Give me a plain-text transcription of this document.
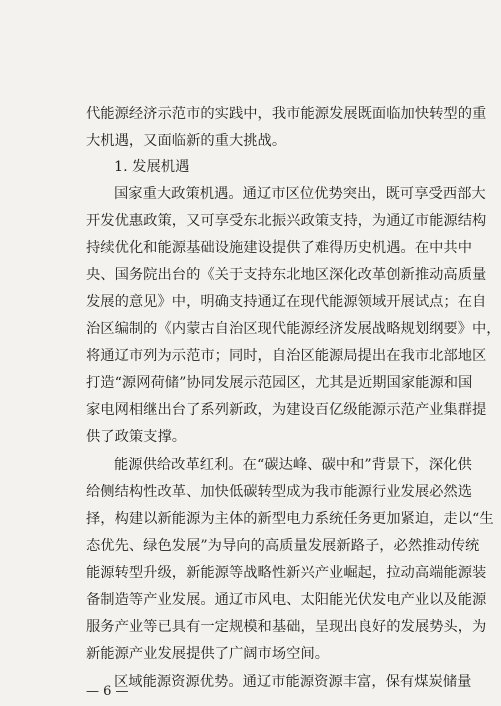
代能源经济示范市的实践中，我市能源发展既面临加快转型的重
大机遇，又面临新的重大挑战。
1. 发展机遇
国家重大政策机遇。通辽市区位优势突出，既可享受西部大
开发优惠政策，又可享受东北振兴政策支持，为通辽市能源结构
持续优化和能源基础设施建设提供了难得历史机遇。在中共中
央、国务院出台的《关于支持东北地区深化改革创新推动高质量
发展的意见》中，明确支持通辽在现代能源领域开展试点；在自
治区编制的《内蒙古自治区现代能源经济发展战略规划纲要》中，
将通辽市列为示范市；同时，自治区能源局提出在我市北部地区
打造“源网荷储”协同发展示范园区，尤其是近期国家能源和国
家电网相继出台了系列新政，为建设百亿级能源示范产业集群提
供了政策支撑。
能源供给改革红利。在“碳达峰、碳中和”背景下，深化供
给侧结构性改革、加快低碳转型成为我市能源行业发展必然选
择，构建以新能源为主体的新型电力系统任务更加紧迫，走以“生
态优先、绿色发展”为导向的高质量发展新路子，必然推动传统
能源转型升级，新能源等战略性新兴产业崛起，拉动高端能源装
备制造等产业发展。通辽市风电、太阳能光伏发电产业以及能源
服务产业等已具有一定规模和基础，呈现出良好的发展势头，为
新能源产业发展提供了广阔市场空间。
区域能源资源优势。通辽市能源资源丰富，保有煤炭储量
— 6 —
